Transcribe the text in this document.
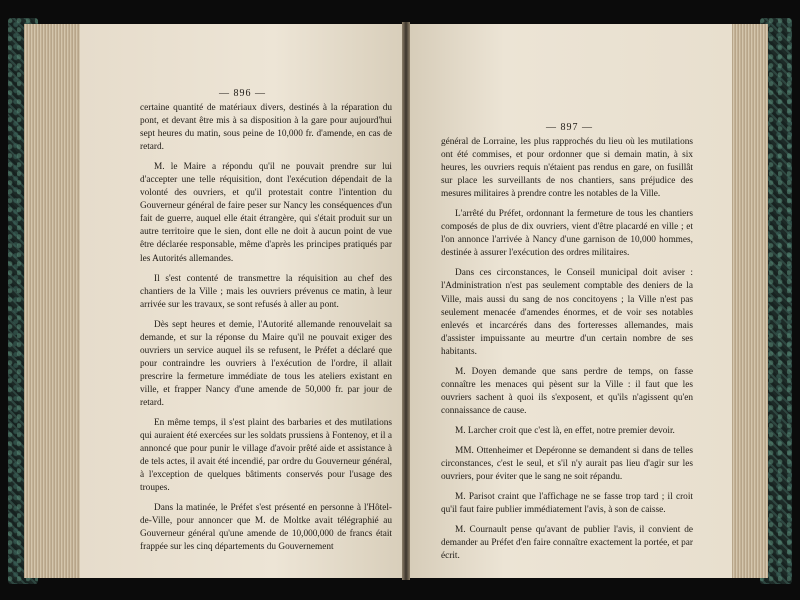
— 896 —

certaine quantité de matériaux divers, destinés à la réparation du pont, et devant être mis à sa disposition à la gare pour aujourd'hui sept heures du matin, sous peine de 10,000 fr. d'amende, en cas de retard.

M. le Maire a répondu qu'il ne pouvait prendre sur lui d'accepter une telle réquisition, dont l'exécution dépendait de la volonté des ouvriers, et qu'il protestait contre l'intention du Gouverneur général de faire peser sur Nancy les conséquences d'un fait de guerre, auquel elle était étrangère, qui s'était produit sur un autre territoire que le sien, dont elle ne doit à aucun point de vue être déclarée responsable, même d'après les principes pratiqués par les Autorités allemandes.

Il s'est contenté de transmettre la réquisition au chef des chantiers de la Ville ; mais les ouvriers prévenus ce matin, à leur arrivée sur les travaux, se sont refusés à aller au pont.

Dès sept heures et demie, l'Autorité allemande renouvelait sa demande, et sur la réponse du Maire qu'il ne pouvait exiger des ouvriers un service auquel ils se refusent, le Préfet a déclaré que pour contraindre les ouvriers à l'exécution de l'ordre, il allait prescrire la fermeture immédiate de tous les ateliers existant en ville, et frapper Nancy d'une amende de 50,000 fr. par jour de retard.

En même temps, il s'est plaint des barbaries et des mutilations qui auraient été exercées sur les soldats prussiens à Fontenoy, et il a annoncé que pour punir le village d'avoir prêté aide et assistance à de tels actes, il avait été incendié, par ordre du Gouverneur général, à l'exception de quelques bâtiments conservés pour l'usage des troupes.

Dans la matinée, le Préfet s'est présenté en personne à l'Hôtel-de-Ville, pour annoncer que M. de Moltke avait télégraphié au Gouverneur général qu'une amende de 10,000,000 de francs était frappée sur les cinq départements du Gouvernement

— 897 —

général de Lorraine, les plus rapprochés du lieu où les mutilations ont été commises, et pour ordonner que si demain matin, à six heures, les ouvriers requis n'étaient pas rendus en gare, on fusillât sur place les surveillants de nos chantiers, sans préjudice des mesures militaires à prendre contre les notables de la Ville.

L'arrêté du Préfet, ordonnant la fermeture de tous les chantiers composés de plus de dix ouvriers, vient d'être placardé en ville ; et l'on annonce l'arrivée à Nancy d'une garnison de 10,000 hommes, destinée à assurer l'exécution des ordres militaires.

Dans ces circonstances, le Conseil municipal doit aviser : l'Administration n'est pas seulement comptable des deniers de la Ville, mais aussi du sang de nos concitoyens ; la Ville n'est pas seulement menacée d'amendes énormes, et de voir ses notables enlevés et incarcérés dans des forteresses allemandes, mais d'assister impuissante au meurtre d'un certain nombre de ses habitants.

M. Doyen demande que sans perdre de temps, on fasse connaître les menaces qui pèsent sur la Ville : il faut que les ouvriers sachent à quoi ils s'exposent, et qu'ils n'agissent qu'en connaissance de cause.

M. Larcher croit que c'est là, en effet, notre premier devoir.

MM. Ottenheimer et Depéronne se demandent si dans de telles circonstances, c'est le seul, et s'il n'y aurait pas lieu d'agir sur les ouvriers, pour éviter que le sang ne soit répandu.

M. Parisot craint que l'affichage ne se fasse trop tard ; il croit qu'il faut faire publier immédiatement l'avis, à son de caisse.

M. Cournault pense qu'avant de publier l'avis, il convient de demander au Préfet d'en faire connaître exactement la portée, et par écrit.
